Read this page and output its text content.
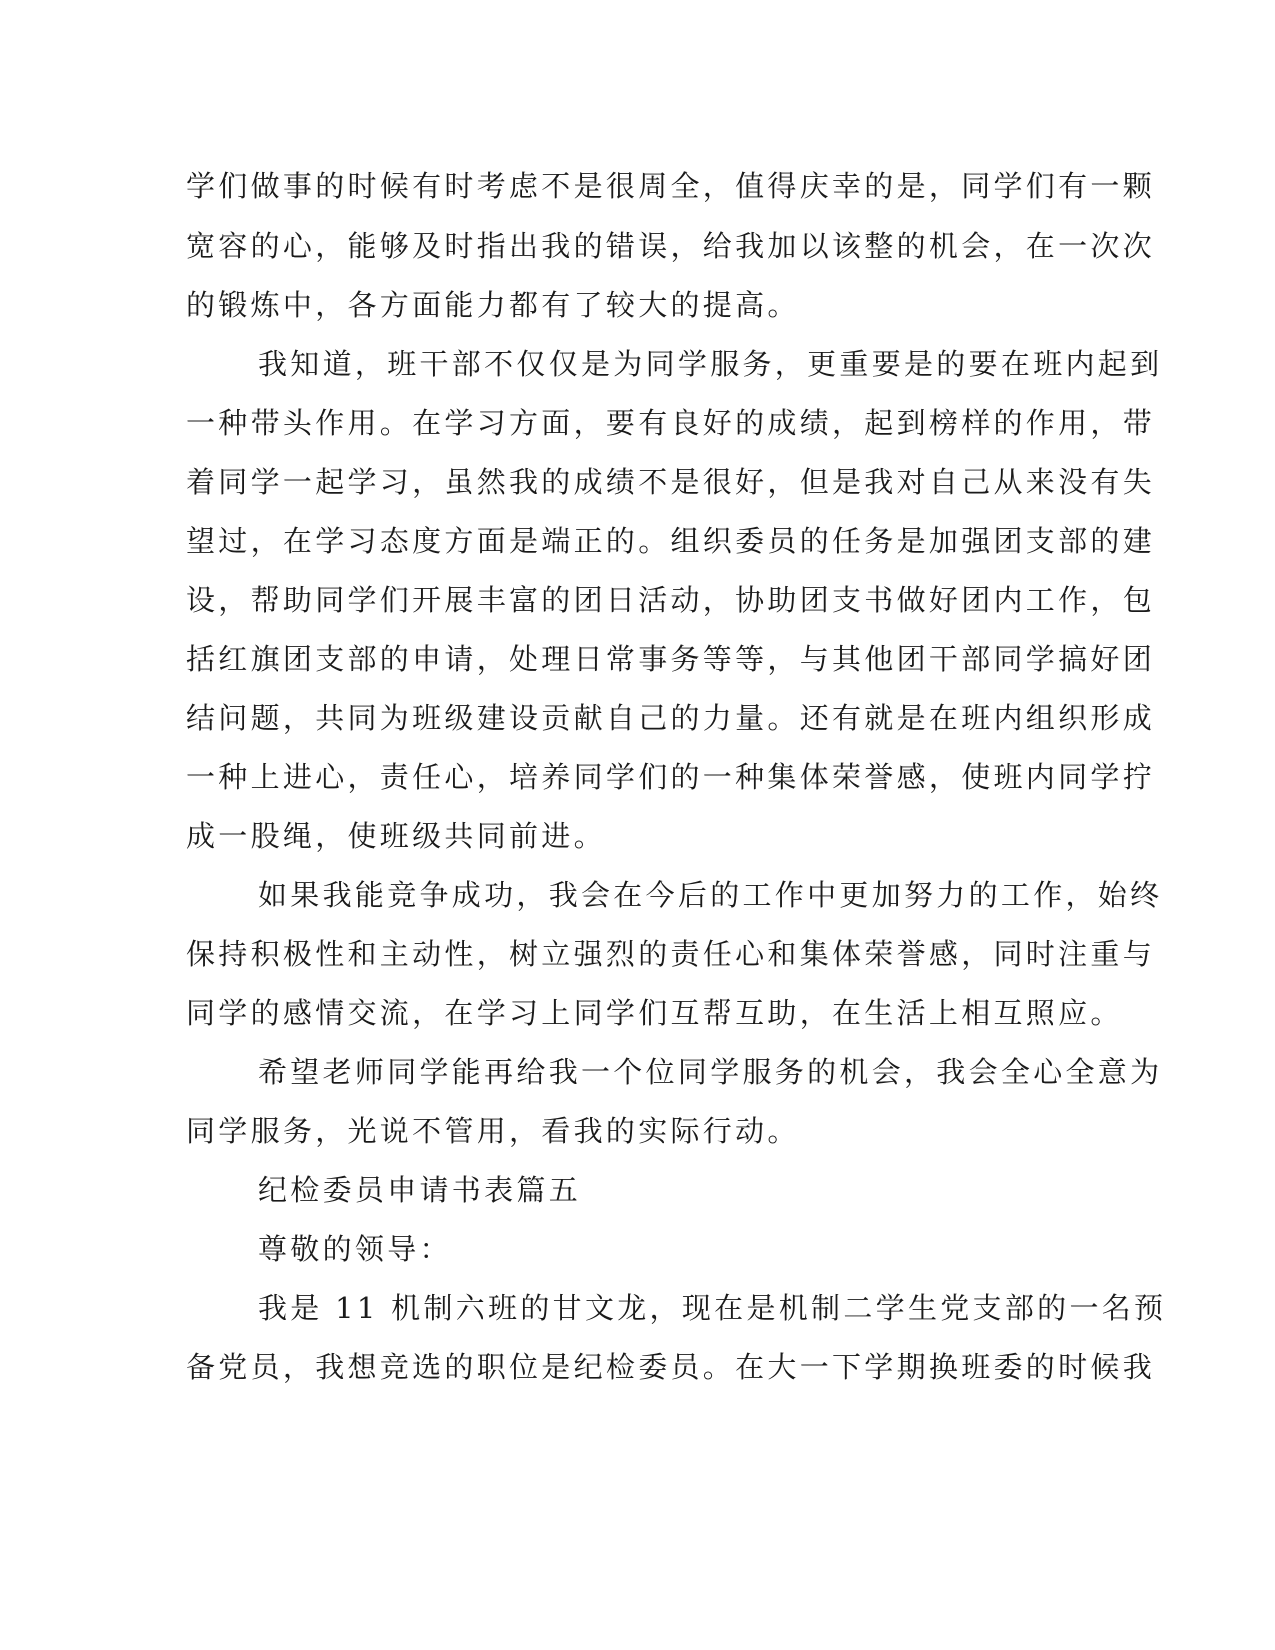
学们做事的时候有时考虑不是很周全，值得庆幸的是，同学们有一颗
宽容的心，能够及时指出我的错误，给我加以该整的机会，在一次次
的锻炼中，各方面能力都有了较大的提高。
我知道，班干部不仅仅是为同学服务，更重要是的要在班内起到
一种带头作用。在学习方面，要有良好的成绩，起到榜样的作用，带
着同学一起学习，虽然我的成绩不是很好，但是我对自己从来没有失
望过，在学习态度方面是端正的。组织委员的任务是加强团支部的建
设，帮助同学们开展丰富的团日活动，协助团支书做好团内工作，包
括红旗团支部的申请，处理日常事务等等，与其他团干部同学搞好团
结问题，共同为班级建设贡献自己的力量。还有就是在班内组织形成
一种上进心，责任心，培养同学们的一种集体荣誉感，使班内同学拧
成一股绳，使班级共同前进。
如果我能竞争成功，我会在今后的工作中更加努力的工作，始终
保持积极性和主动性，树立强烈的责任心和集体荣誉感，同时注重与
同学的感情交流，在学习上同学们互帮互助，在生活上相互照应。
希望老师同学能再给我一个位同学服务的机会，我会全心全意为
同学服务，光说不管用，看我的实际行动。
纪检委员申请书表篇五
尊敬的领导：
我是 11 机制六班的甘文龙，现在是机制二学生党支部的一名预
备党员，我想竞选的职位是纪检委员。在大一下学期换班委的时候我
